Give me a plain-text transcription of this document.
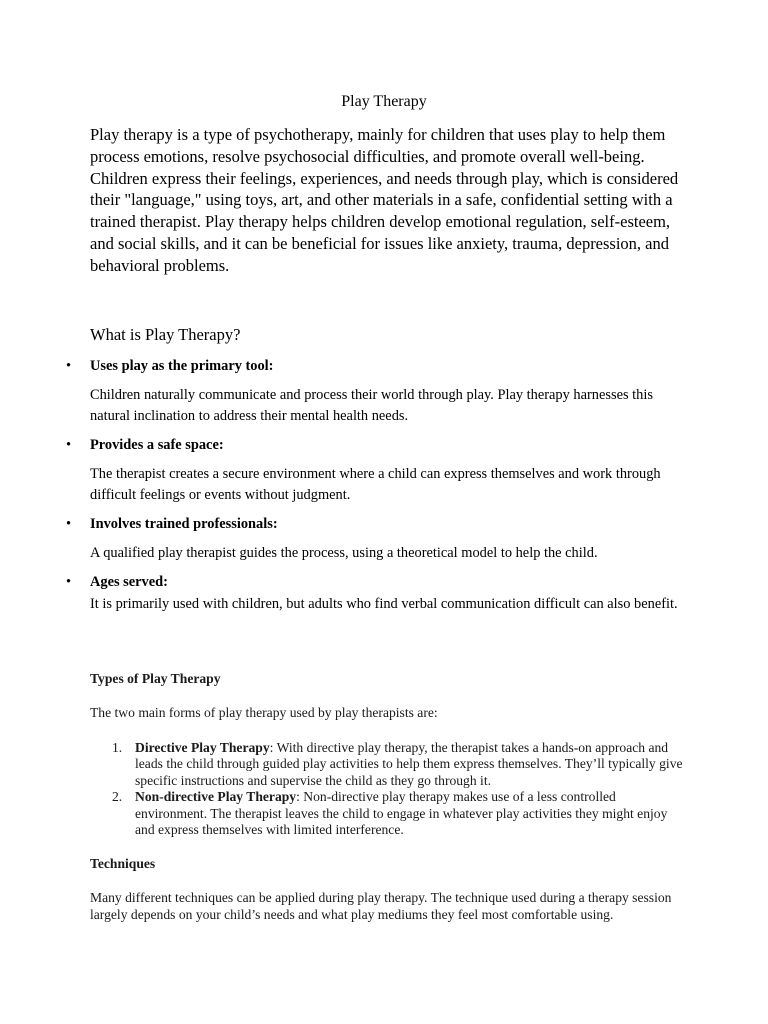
Play Therapy

Play therapy is a type of psychotherapy, mainly for children that uses play to help them process emotions, resolve psychosocial difficulties, and promote overall well-being. Children express their feelings, experiences, and needs through play, which is considered their "language," using toys, art, and other materials in a safe, confidential setting with a trained therapist. Play therapy helps children develop emotional regulation, self-esteem, and social skills, and it can be beneficial for issues like anxiety, trauma, depression, and behavioral problems.

What is Play Therapy?
• Uses play as the primary tool:

Children naturally communicate and process their world through play. Play therapy harnesses this natural inclination to address their mental health needs.

• Provides a safe space:

The therapist creates a secure environment where a child can express themselves and work through difficult feelings or events without judgment.

• Involves trained professionals:

A qualified play therapist guides the process, using a theoretical model to help the child.

• Ages served:

It is primarily used with children, but adults who find verbal communication difficult can also benefit.

Types of Play Therapy

The two main forms of play therapy used by play therapists are:

1. Directive Play Therapy: With directive play therapy, the therapist takes a hands-on approach and leads the child through guided play activities to help them express themselves. They’ll typically give specific instructions and supervise the child as they go through it.
2. Non-directive Play Therapy: Non-directive play therapy makes use of a less controlled environment. The therapist leaves the child to engage in whatever play activities they might enjoy and express themselves with limited interference.
Techniques

Many different techniques can be applied during play therapy. The technique used during a therapy session largely depends on your child’s needs and what play mediums they feel most comfortable using.
